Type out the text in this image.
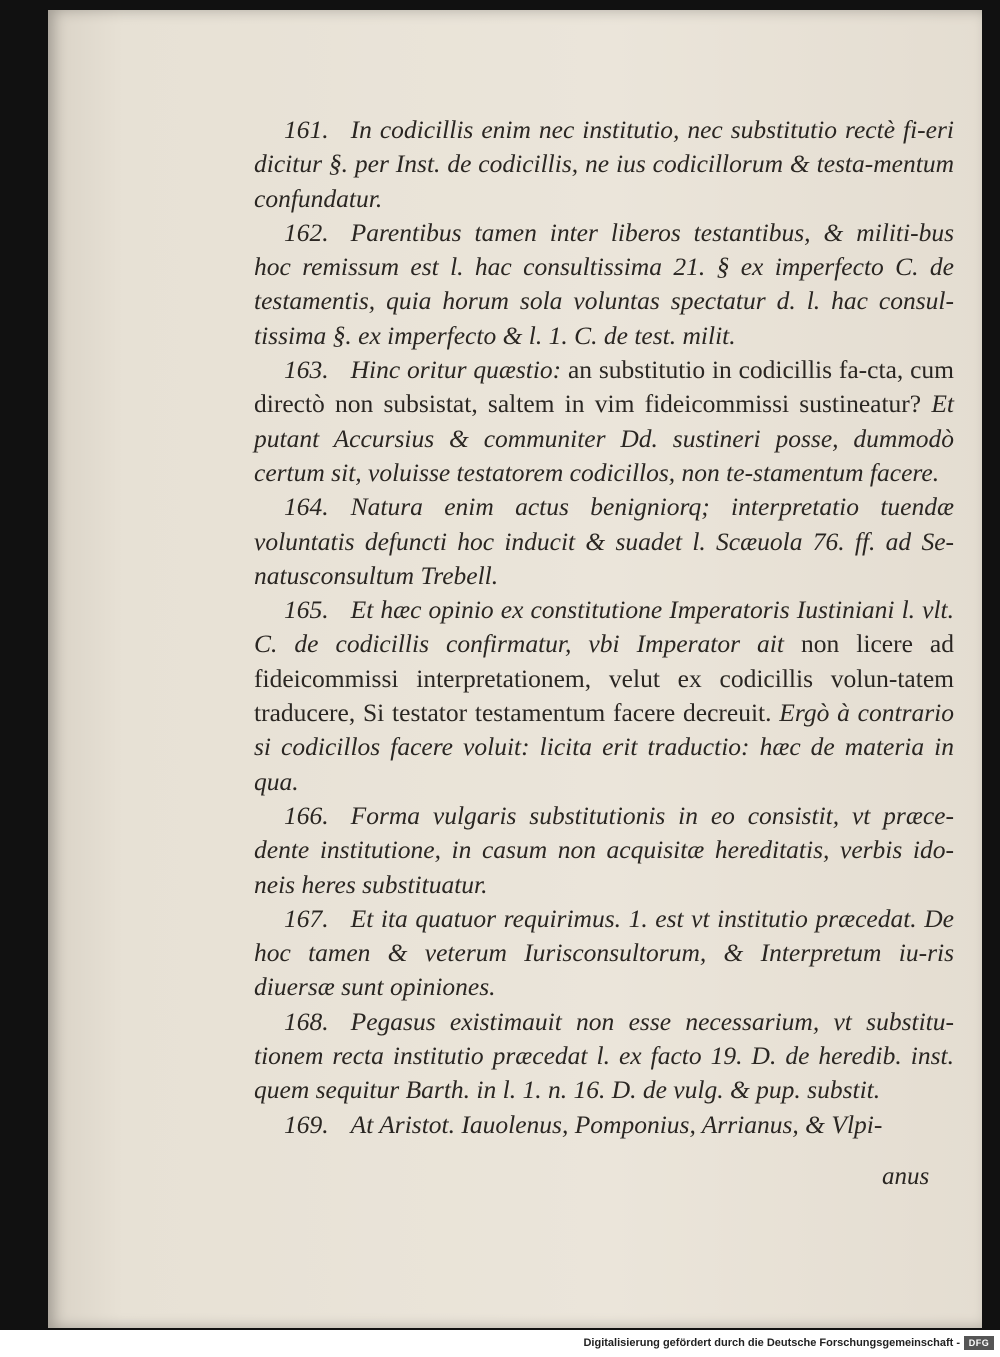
161. In codicillis enim nec institutio, nec substitutio rectè fi-eri dicitur §. per Inst. de codicillis, ne ius codicillorum & testa-mentum confundatur.

162. Parentibus tamen inter liberos testantibus, & militi-bus hoc remissum est l. hac consultissima 21. § ex imperfecto C. de testamentis, quia horum sola voluntas spectatur d. l. hac consul-tissima §. ex imperfecto & l. 1. C. de test. milit.

163. Hinc oritur quæstio: an substitutio in codicillis fa-cta, cum directò non subsistat, saltem in vim fideicommissi sustineatur? Et putant Accursius & communiter Dd. sustineri posse, dummodò certum sit, voluisse testatorem codicillos, non te-stamentum facere.

164. Natura enim actus benigniorq; interpretatio tuendæ voluntatis defuncti hoc inducit & suadet l. Scæuola 76. ff. ad Se-natusconsultum Trebell.

165. Et hæc opinio ex constitutione Imperatoris Iustiniani l. vlt. C. de codicillis confirmatur, vbi Imperator ait non licere ad fideicommissi interpretationem, velut ex codicillis volun-tatem traducere, Si testator testamentum facere decreuit. Ergò à contrario si codicillos facere voluit: licita erit traductio: hæc de materia in qua.

166. Forma vulgaris substitutionis in eo consistit, vt præce-dente institutione, in casum non acquisitæ hereditatis, verbis ido-neis heres substituatur.

167. Et ita quatuor requirimus. 1. est vt institutio præcedat. De hoc tamen & veterum Iurisconsultorum, & Interpretum iu-ris diuersæ sunt opiniones.

168. Pegasus existimauit non esse necessarium, vt substitu-tionem recta institutio præcedat l. ex facto 19. D. de heredib. inst. quem sequitur Barth. in l. 1. n. 16. D. de vulg. & pup. substit.

169. At Aristot. Iauolenus, Pomponius, Arrianus, & Vlpi-

anus
Digitalisierung gefördert durch die Deutsche Forschungsgemeinschaft - DFG
